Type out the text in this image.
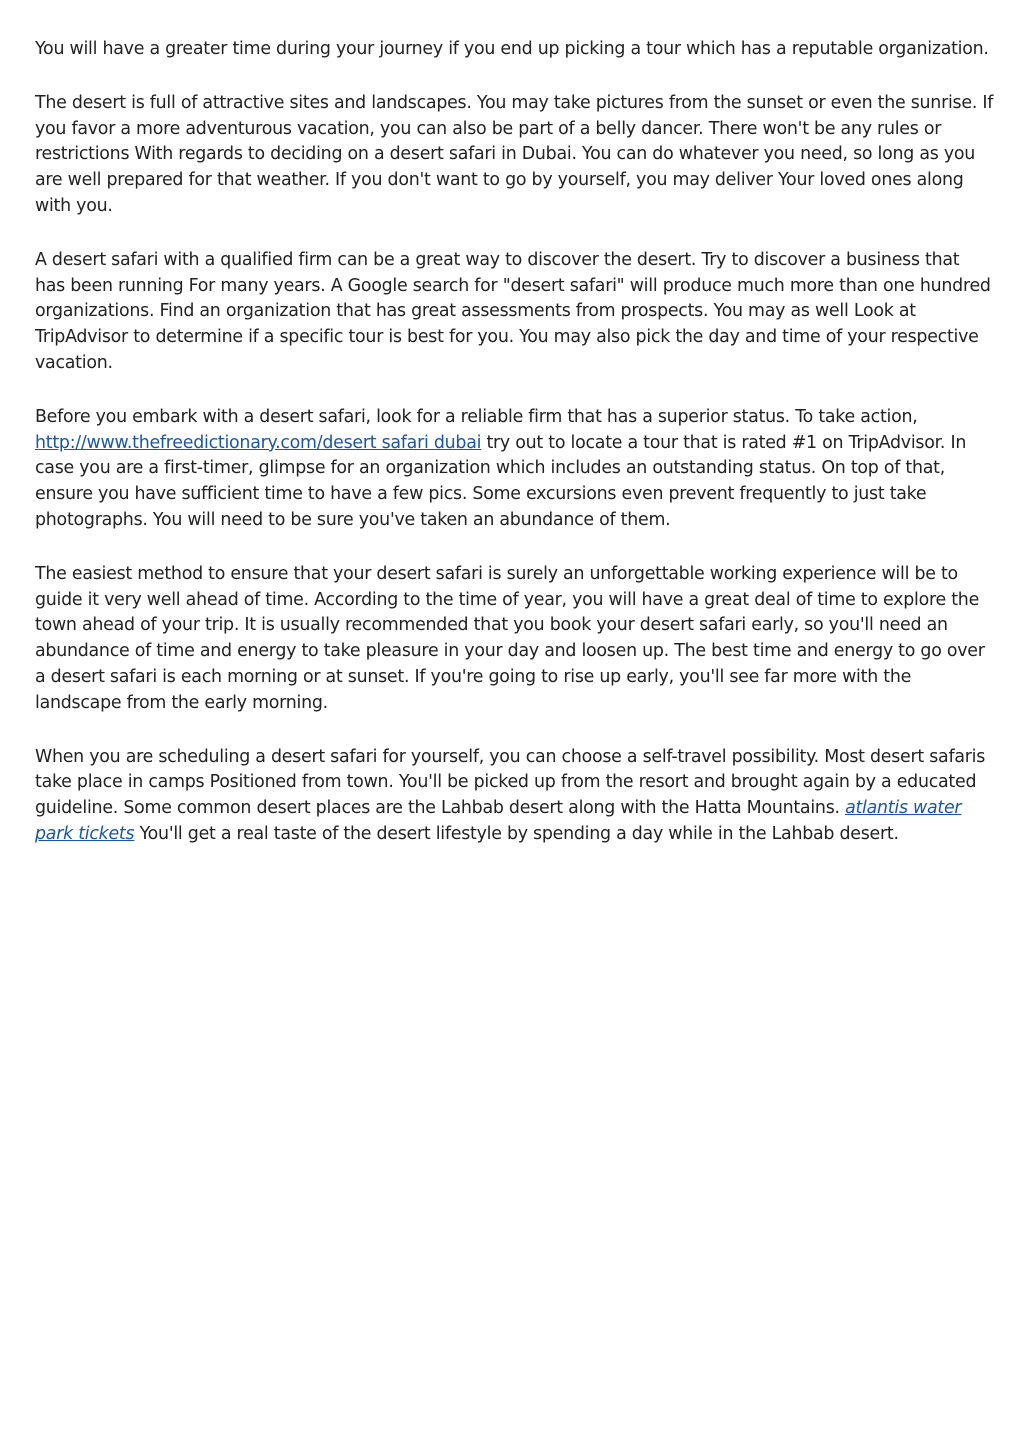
You will have a greater time during your journey if you end up picking a tour which has a reputable organization.

The desert is full of attractive sites and landscapes. You may take pictures from the sunset or even the sunrise. If you favor a more adventurous vacation, you can also be part of a belly dancer. There won't be any rules or restrictions With regards to deciding on a desert safari in Dubai. You can do whatever you need, so long as you are well prepared for that weather. If you don't want to go by yourself, you may deliver Your loved ones along with you.

A desert safari with a qualified firm can be a great way to discover the desert. Try to discover a business that has been running For many years. A Google search for "desert safari" will produce much more than one hundred organizations. Find an organization that has great assessments from prospects. You may as well Look at TripAdvisor to determine if a specific tour is best for you. You may also pick the day and time of your respective vacation.

Before you embark with a desert safari, look for a reliable firm that has a superior status. To take action, http://www.thefreedictionary.com/desert safari dubai try out to locate a tour that is rated #1 on TripAdvisor. In case you are a first-timer, glimpse for an organization which includes an outstanding status. On top of that, ensure you have sufficient time to have a few pics. Some excursions even prevent frequently to just take photographs. You will need to be sure you've taken an abundance of them.

The easiest method to ensure that your desert safari is surely an unforgettable working experience will be to guide it very well ahead of time. According to the time of year, you will have a great deal of time to explore the town ahead of your trip. It is usually recommended that you book your desert safari early, so you'll need an abundance of time and energy to take pleasure in your day and loosen up. The best time and energy to go over a desert safari is each morning or at sunset. If you're going to rise up early, you'll see far more with the landscape from the early morning.

When you are scheduling a desert safari for yourself, you can choose a self-travel possibility. Most desert safaris take place in camps Positioned from town. You'll be picked up from the resort and brought again by a educated guideline. Some common desert places are the Lahbab desert along with the Hatta Mountains. atlantis water park tickets You'll get a real taste of the desert lifestyle by spending a day while in the Lahbab desert.
